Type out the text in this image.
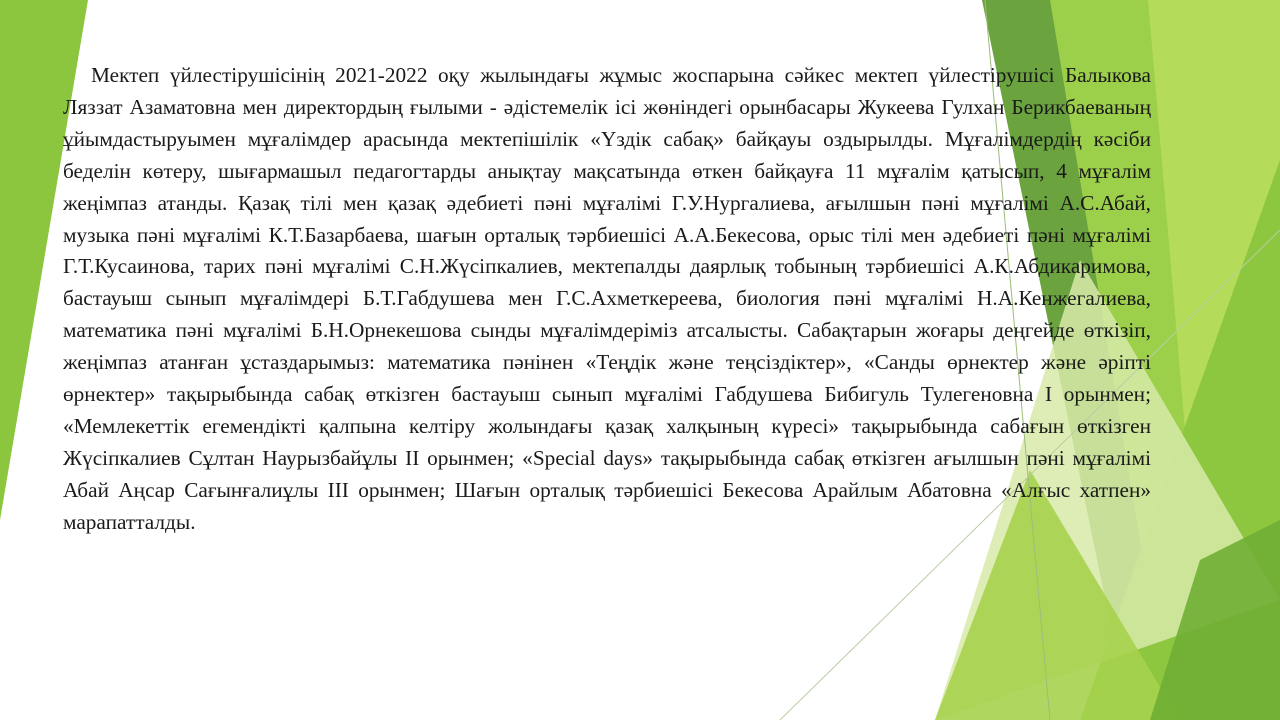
Мектеп үйлестірушісінің 2021-2022 оқу жылындағы жұмыс жоспарына сәйкес мектеп үйлестірушісі Балыкова Ляззат Азаматовна мен директордың ғылыми - әдістемелік ісі жөніндегі орынбасары Жукеева Гулхан Берикбаеваның ұйымдастыруымен мұғалімдер арасында мектепішілік «Үздік сабақ» байқауы оздырылды. Мұғалімдердің кәсіби беделін көтеру, шығармашыл педагогтарды анықтау мақсатында өткен байқауға 11 мұғалім қатысып, 4 мұғалім жеңімпаз атанды. Қазақ тілі мен қазақ әдебиеті пәні мұғалімі Г.У.Нургалиева, ағылшын пәні мұғалімі А.С.Абай, музыка пәні мұғалімі К.Т.Базарбаева, шағын орталық тәрбиешісі А.А.Бекесова, орыс тілі мен әдебиеті пәні мұғалімі Г.Т.Кусаинова, тарих пәні мұғалімі С.Н.Жүсіпкалиев, мектепалды даярлық тобының тәрбиешісі А.К.Абдикаримова, бастауыш сынып мұғалімдері Б.Т.Габдушева мен Г.С.Ахметкереева, биология пәні мұғалімі Н.А.Кенжегалиева, математика пәні мұғалімі Б.Н.Орнекешова сынды мұғалімдеріміз атсалысты. Сабақтарын жоғары деңгейде өткізіп, жеңімпаз атанған ұстаздарымыз: математика пәнінен «Теңдік және теңсіздіктер», «Санды өрнектер және әріпті өрнектер» тақырыбында сабақ өткізген бастауыш сынып мұғалімі Габдушева Бибигуль Тулегеновна І орынмен; «Мемлекеттік егемендікті қалпына келтіру жолындағы қазақ халқының күресі» тақырыбында сабағын өткізген Жүсіпкалиев Сұлтан Наурызбайұлы ІІ орынмен; «Special days» тақырыбында сабақ өткізген ағылшын пәні мұғалімі Абай Аңсар Сағынғалиұлы ІІІ орынмен; Шағын орталық тәрбиешісі Бекесова Арайлым Абатовна «Алғыс хатпен» марапатталды.
